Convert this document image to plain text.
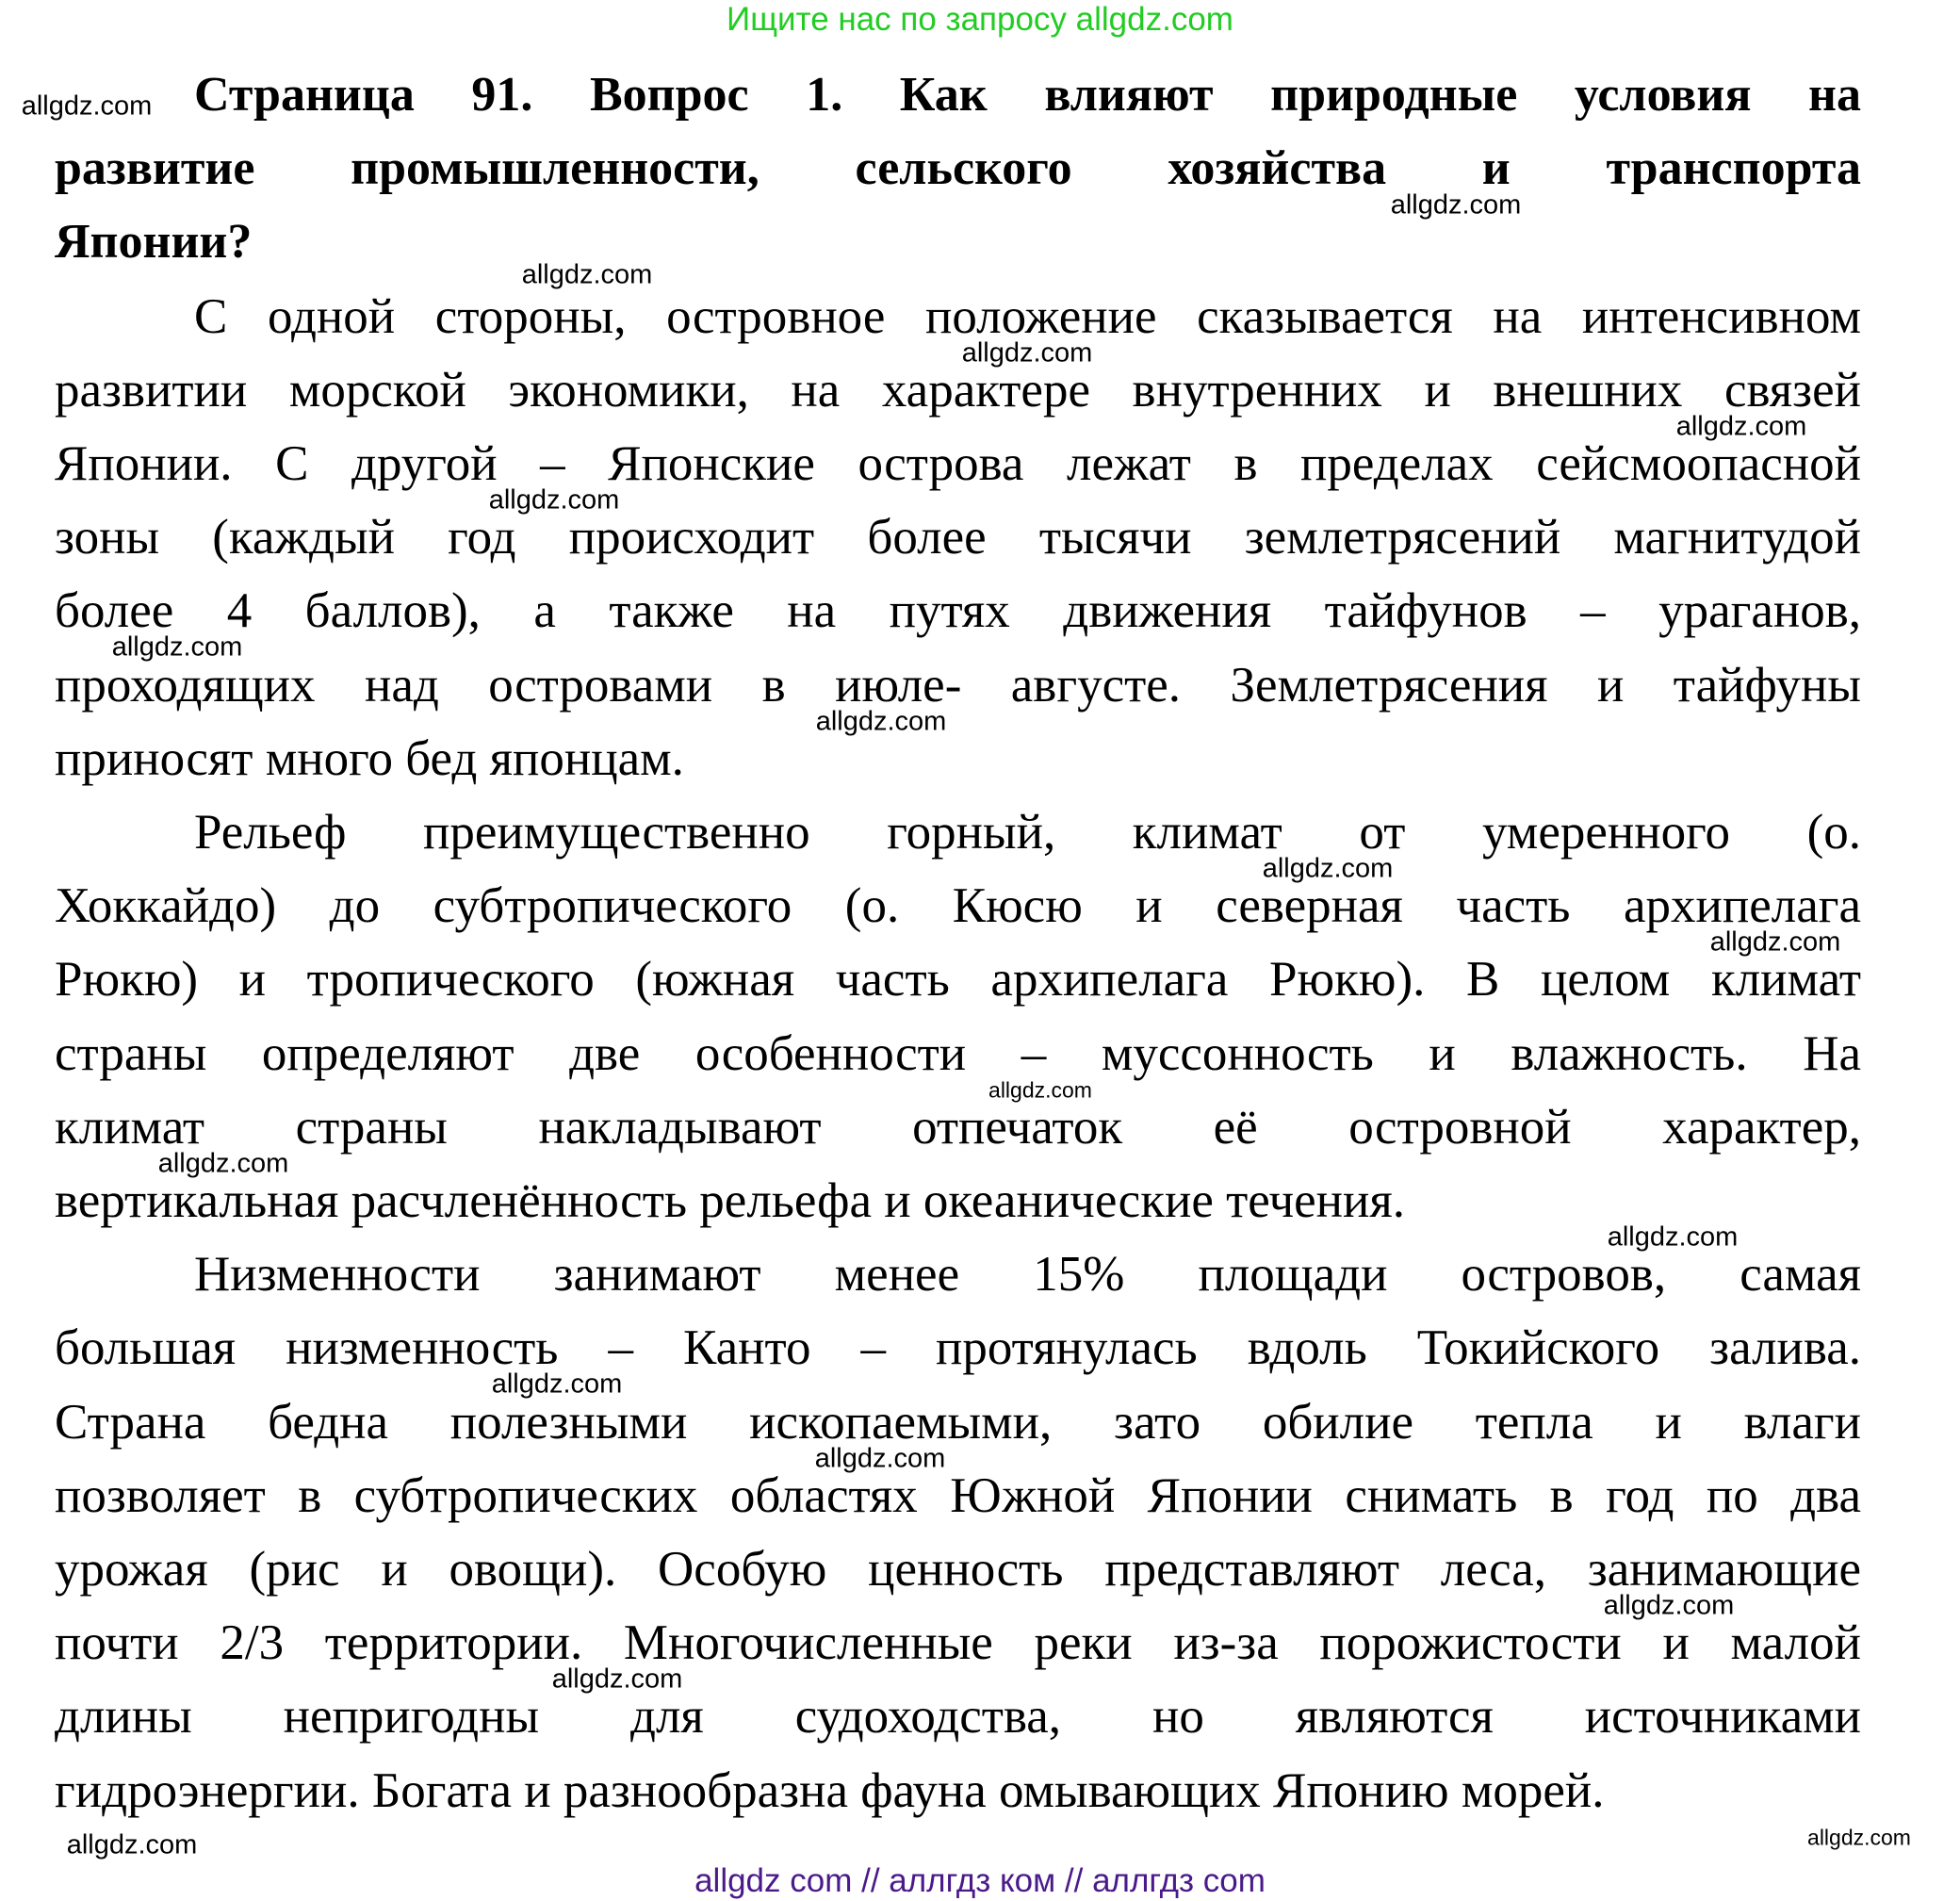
Ищите нас по запросу allgdz.com
Страница 91. Вопрос 1. Как влияют природные условия на
развитие промышленности, сельского хозяйства и транспорта
Японии?
С одной стороны, островное положение сказывается на интенсивном
развитии морской экономики, на характере внутренних и внешних связей
Японии. С другой – Японские острова лежат в пределах сейсмоопасной
зоны (каждый год происходит более тысячи землетрясений магнитудой
более 4 баллов), а также на путях движения тайфунов – ураганов,
проходящих над островами в июле- августе. Землетрясения и тайфуны
приносят много бед японцам.
Рельеф преимущественно горный, климат от умеренного (о.
Хоккайдо) до субтропического (о. Кюсю и северная часть архипелага
Рюкю) и тропического (южная часть архипелага Рюкю). В целом климат
страны определяют две особенности – муссонность и влажность. На
климат страны накладывают отпечаток её островной характер,
вертикальная расчленённость рельефа и океанические течения.
Низменности занимают менее 15% площади островов, самая
большая низменность – Канто – протянулась вдоль Токийского залива.
Страна бедна полезными ископаемыми, зато обилие тепла и влаги
позволяет в субтропических областях Южной Японии снимать в год по два
урожая (рис и овощи). Особую ценность представляют леса, занимающие
почти 2/3 территории. Многочисленные реки из-за порожистости и малой
длины непригодны для судоходства, но являются источниками
гидроэнергии. Богата и разнообразна фауна омывающих Японию морей.
allgdz.com
allgdz.com
allgdz.com
allgdz.com
allgdz.com
allgdz.com
allgdz.com
allgdz.com
allgdz.com
allgdz.com
allgdz.com
allgdz.com
allgdz.com
allgdz.com
allgdz.com
allgdz.com
allgdz.com
allgdz.com
allgdz.com
allgdz com // аллгдз ком // аллгдз com
